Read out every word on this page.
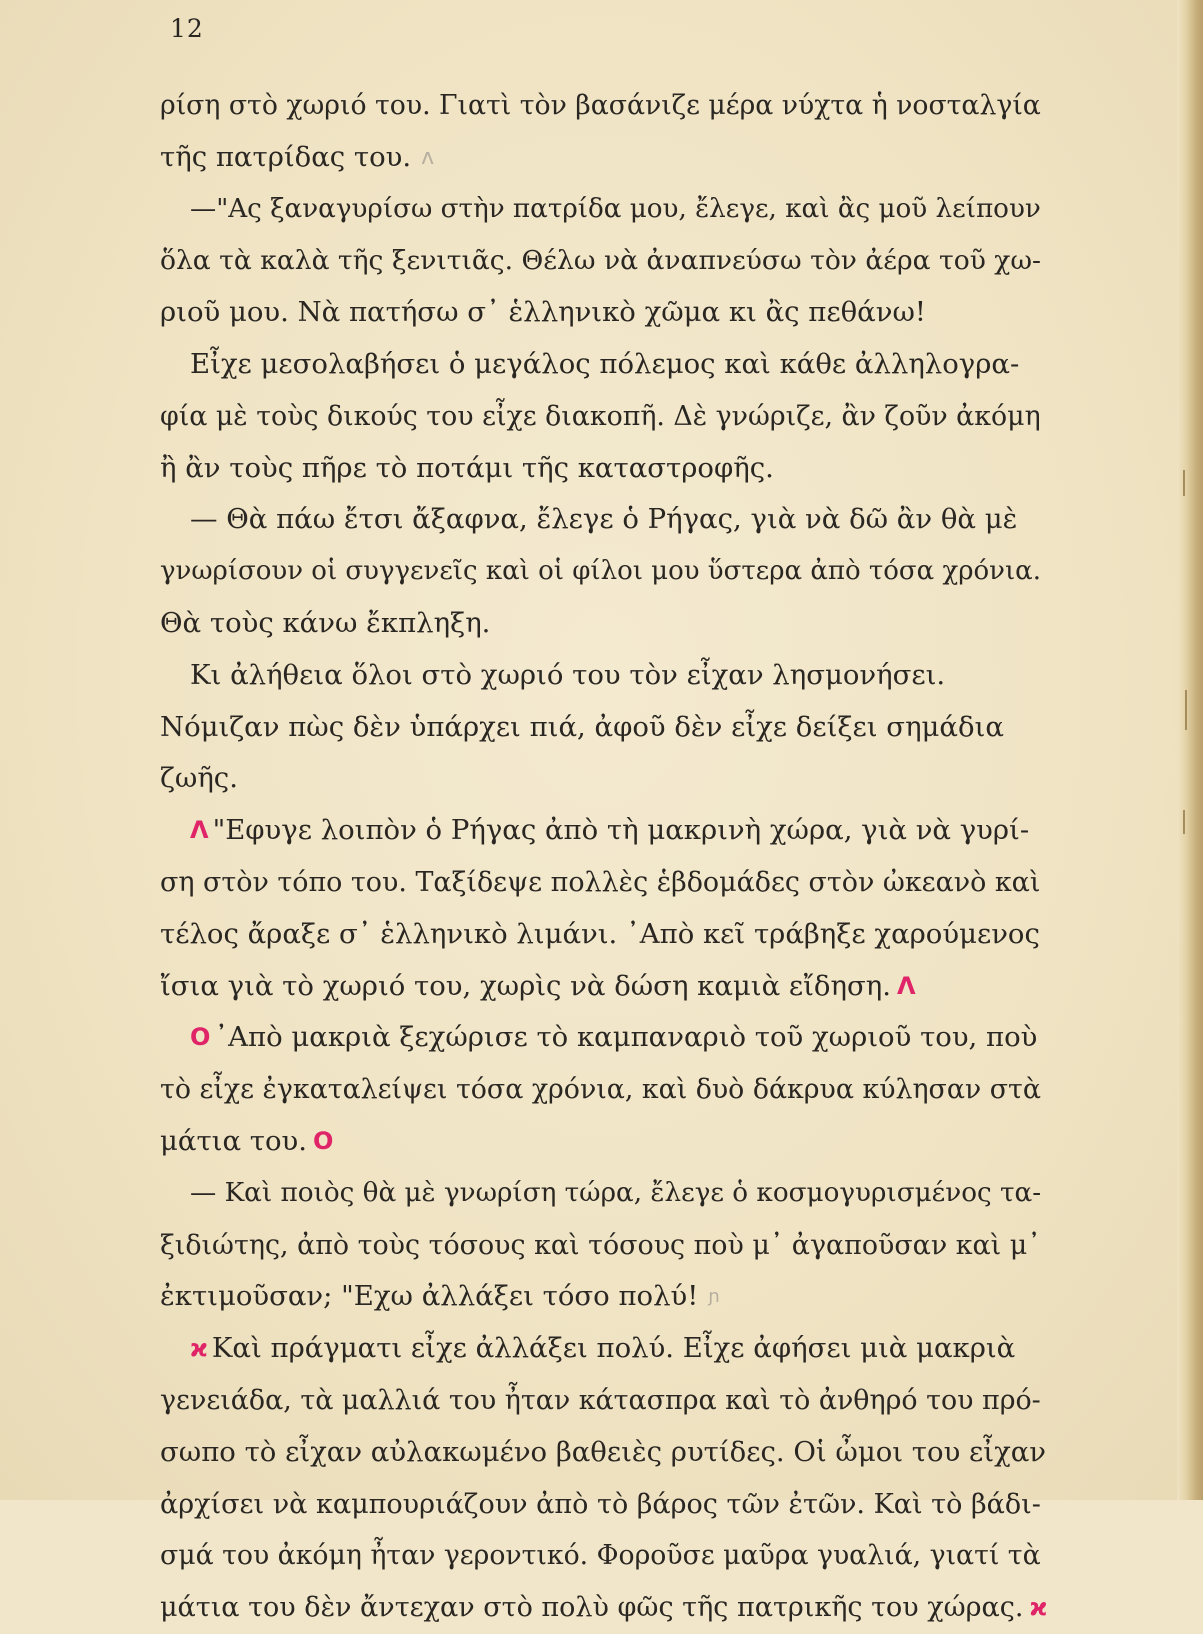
12
ρίση στὸ χωριό του. Γιατὶ τὸν βασάνιζε μέρα νύχτα ἡ νοσταλγία
τῆς πατρίδας του. ʌ
—"Ας ξαναγυρίσω στὴν πατρίδα μου, ἔλεγε, καὶ ἂς μοῦ λείπουν
ὅλα τὰ καλὰ τῆς ξενιτιᾶς. Θέλω νὰ ἀναπνεύσω τὸν ἀέρα τοῦ χω-
ριοῦ μου. Νὰ πατήσω σ᾽ ἑλληνικὸ χῶμα κι ἂς πεθάνω!
Εἶχε μεσολαβήσει ὁ μεγάλος πόλεμος καὶ κάθε ἀλληλογρα-
φία μὲ τοὺς δικούς του εἶχε διακοπῆ. Δὲ γνώριζε, ἂν ζοῦν ἀκόμη
ἢ ἂν τοὺς πῆρε τὸ ποτάμι τῆς καταστροφῆς.
— Θὰ πάω ἔτσι ἄξαφνα, ἔλεγε ὁ Ρήγας, γιὰ νὰ δῶ ἂν θὰ μὲ
γνωρίσουν οἱ συγγενεῖς καὶ οἱ φίλοι μου ὕστερα ἀπὸ τόσα χρόνια.
Θὰ τοὺς κάνω ἔκπληξη.
Κι ἀλήθεια ὅλοι στὸ χωριό του τὸν εἶχαν λησμονήσει.
Νόμιζαν πὼς δὲν ὑπάρχει πιά, ἀφοῦ δὲν εἶχε δείξει σημάδια
ζωῆς.
Λ "Εφυγε λοιπὸν ὁ Ρήγας ἀπὸ τὴ μακρινὴ χώρα, γιὰ νὰ γυρί-
ση στὸν τόπο του. Ταξίδεψε πολλὲς ἑβδομάδες στὸν ὠκεανὸ καὶ
τέλος ἄραξε σ᾽ ἑλληνικὸ λιμάνι. ᾽Απὸ κεῖ τράβηξε χαρούμενος
ἴσια γιὰ τὸ χωριό του, χωρὶς νὰ δώση καμιὰ εἴδηση. Λ
O ᾽Απὸ μακριὰ ξεχώρισε τὸ καμπαναριὸ τοῦ χωριοῦ του, ποὺ
τὸ εἶχε ἐγκαταλείψει τόσα χρόνια, καὶ δυὸ δάκρυα κύλησαν στὰ
μάτια του. O
— Καὶ ποιὸς θὰ μὲ γνωρίση τώρα, ἔλεγε ὁ κοσμογυρισμένος τα-
ξιδιώτης, ἀπὸ τοὺς τόσους καὶ τόσους ποὺ μ᾽ ἀγαποῦσαν καὶ μ᾽
ἐκτιμοῦσαν; "Εχω ἀλλάξει τόσο πολύ! ɲ
ϰ Καὶ πράγματι εἶχε ἀλλάξει πολύ. Εἶχε ἀφήσει μιὰ μακριὰ
γενειάδα, τὰ μαλλιά του ἦταν κάτασπρα καὶ τὸ ἀνθηρό του πρό-
σωπο τὸ εἶχαν αὐλακωμένο βαθειὲς ρυτίδες. Οἱ ὦμοι του εἶχαν
ἀρχίσει νὰ καμπουριάζουν ἀπὸ τὸ βάρος τῶν ἐτῶν. Καὶ τὸ βάδι-
σμά του ἀκόμη ἦταν γεροντικό. Φοροῦσε μαῦρα γυαλιά, γιατί τὰ
μάτια του δὲν ἄντεχαν στὸ πολὺ φῶς τῆς πατρικῆς του χώρας. ϰ
